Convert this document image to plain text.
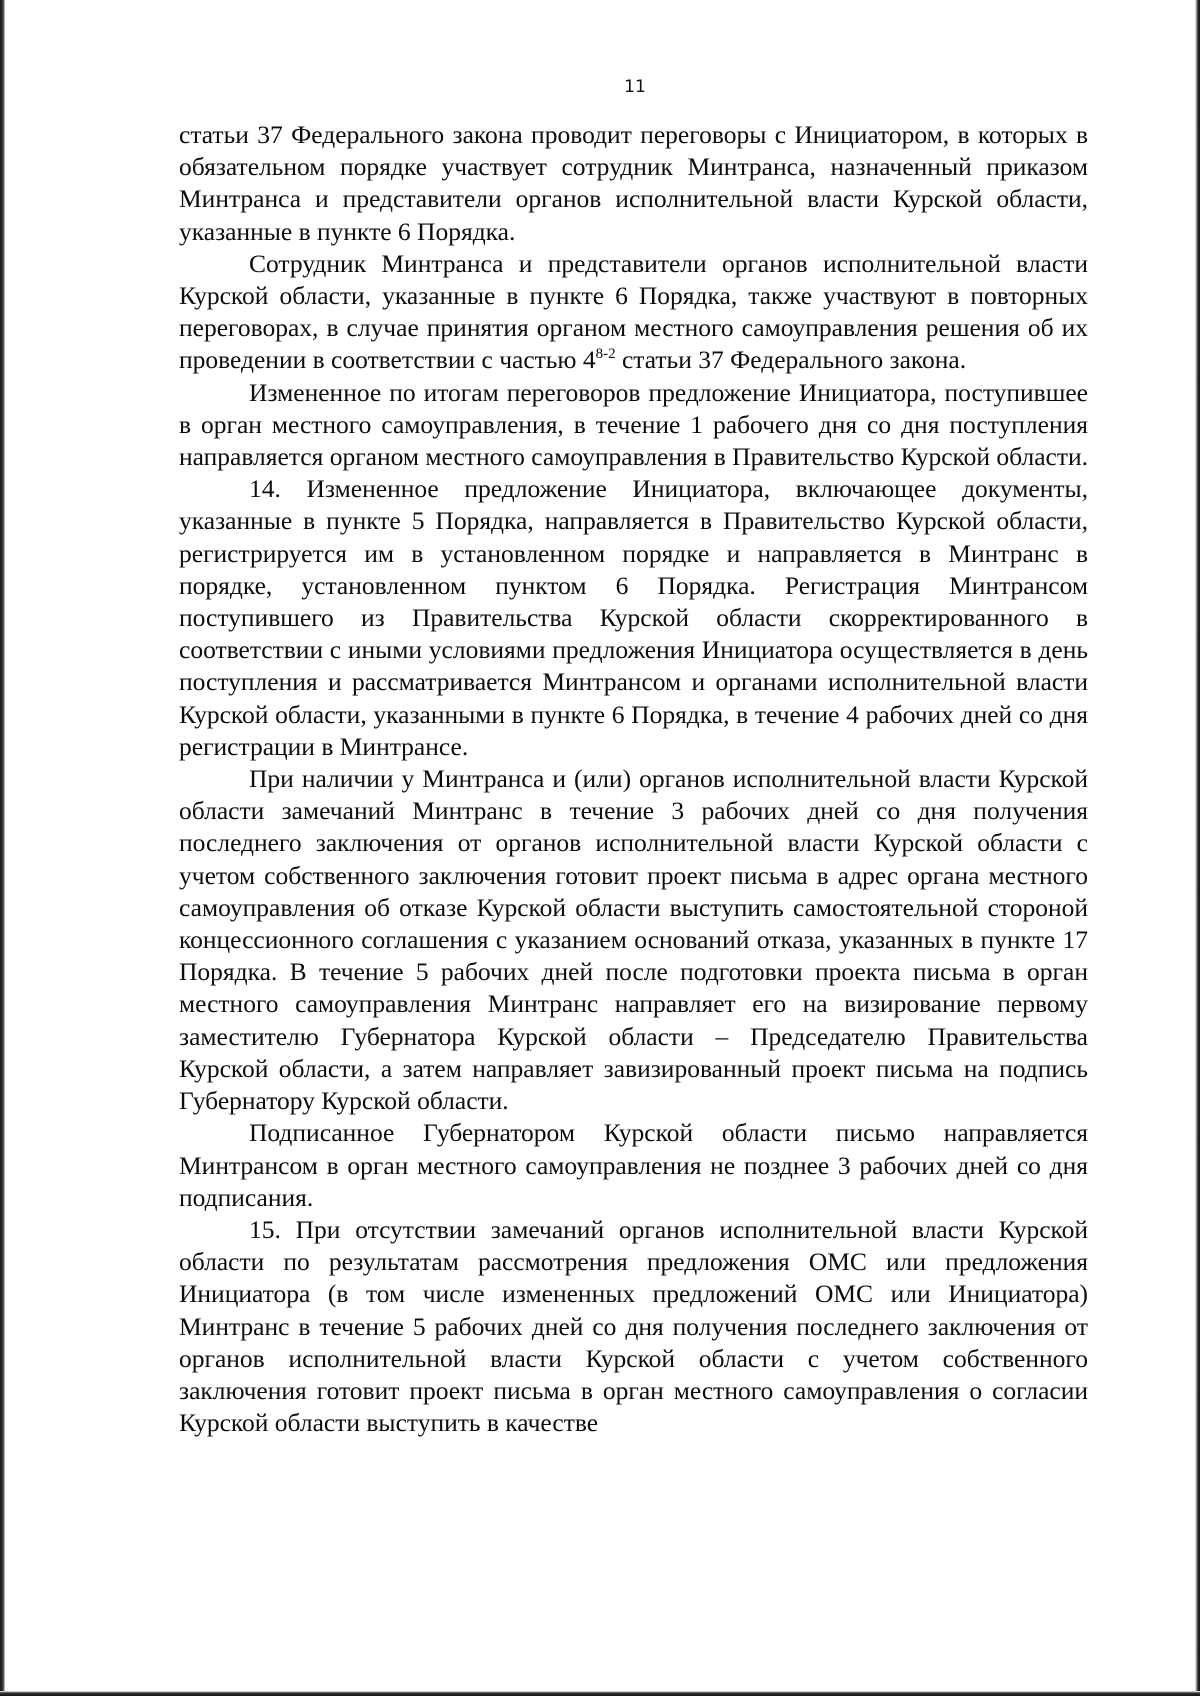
11

статьи 37 Федерального закона проводит переговоры с Инициатором, в которых в обязательном порядке участвует сотрудник Минтранса, назначенный приказом Минтранса и представители органов исполнительной власти Курской области, указанные в пункте 6 Порядка.

Сотрудник Минтранса и представители органов исполнительной власти Курской области, указанные в пункте 6 Порядка, также участвуют в повторных переговорах, в случае принятия органом местного самоуправления решения об их проведении в соответствии с частью 4$^{8-2}$ статьи 37 Федерального закона.

Измененное по итогам переговоров предложение Инициатора, поступившее в орган местного самоуправления, в течение 1 рабочего дня со дня поступления направляется органом местного самоуправления в Правительство Курской области.

14. Измененное предложение Инициатора, включающее документы, указанные в пункте 5 Порядка, направляется в Правительство Курской области, регистрируется им в установленном порядке и направляется в Минтранс в порядке, установленном пунктом 6 Порядка. Регистрация Минтрансом поступившего из Правительства Курской области скорректированного в соответствии с иными условиями предложения Инициатора осуществляется в день поступления и рассматривается Минтрансом и органами исполнительной власти Курской области, указанными в пункте 6 Порядка, в течение 4 рабочих дней со дня регистрации в Минтрансе.

При наличии у Минтранса и (или) органов исполнительной власти Курской области замечаний Минтранс в течение 3 рабочих дней со дня получения последнего заключения от органов исполнительной власти Курской области с учетом собственного заключения готовит проект письма в адрес органа местного самоуправления об отказе Курской области выступить самостоятельной стороной концессионного соглашения с указанием оснований отказа, указанных в пункте 17 Порядка. В течение 5 рабочих дней после подготовки проекта письма в орган местного самоуправления Минтранс направляет его на визирование первому заместителю Губернатора Курской области – Председателю Правительства Курской области, а затем направляет завизированный проект письма на подпись Губернатору Курской области.

Подписанное Губернатором Курской области письмо направляется Минтрансом в орган местного самоуправления не позднее 3 рабочих дней со дня подписания.

15. При отсутствии замечаний органов исполнительной власти Курской области по результатам рассмотрения предложения ОМС или предложения Инициатора (в том числе измененных предложений ОМС или Инициатора) Минтранс в течение 5 рабочих дней со дня получения последнего заключения от органов исполнительной власти Курской области с учетом собственного заключения готовит проект письма в орган местного самоуправления о согласии Курской области выступить в качестве
